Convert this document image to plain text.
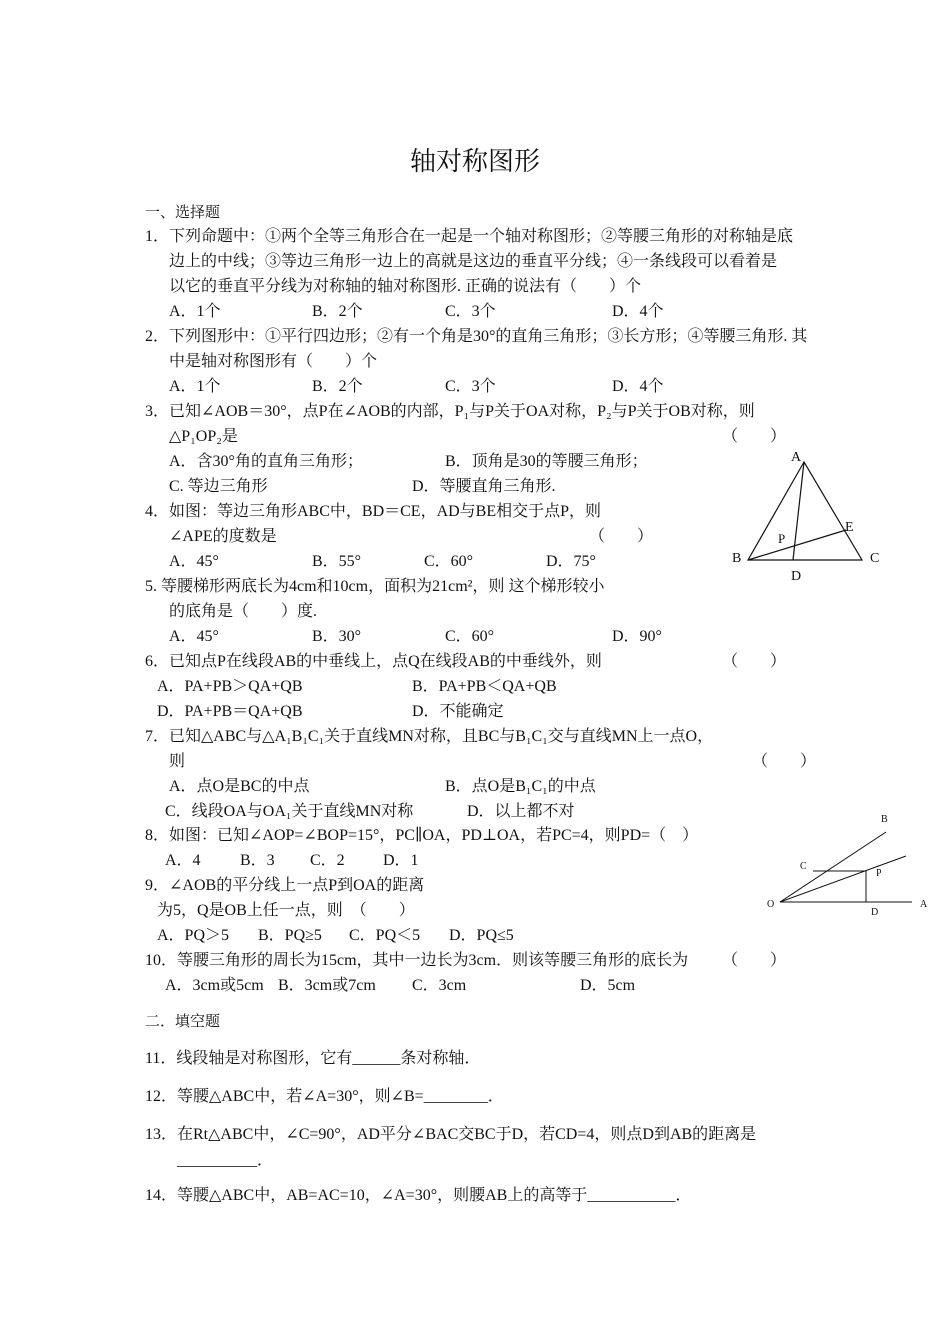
轴对称图形
一、选择题
1．下列命题中：①两个全等三角形合在一起是一个轴对称图形；②等腰三角形的对称轴是底
边上的中线；③等边三角形一边上的高就是这边的垂直平分线；④一条线段可以看着是
以它的垂直平分线为对称轴的轴对称图形. 正确的说法有（　　）个
A．1个	B．2个	C．3个	D．4个
2．下列图形中：①平行四边形；②有一个角是30°的直角三角形；③长方形；④等腰三角形. 其
中是轴对称图形有（　　）个
A．1个	B．2个	C．3个	D．4个
3．已知∠AOB＝30°，点P在∠AOB的内部，P₁与P关于OA对称，P₂与P关于OB对称，则
△P₁OP₂是	（　　）
A．含30°角的直角三角形；	B．顶角是30的等腰三角形；
C. 等边三角形	D．等腰直角三角形.
4．如图：等边三角形ABC中，BD＝CE，AD与BE相交于点P，则
∠APE的度数是	（　　）
A．45°	B．55°	C．60°	D．75°
A
B	C
D
E
P
5. 等腰梯形两底长为4cm和10cm，面积为21cm²，则 这个梯形较小
的底角是（　　）度.
A．45°	B．30°	C．60°	D．90°
6．已知点P在线段AB的中垂线上，点Q在线段AB的中垂线外，则	（　　）
A．PA+PB＞QA+QB	B．PA+PB＜QA+QB
D．PA+PB＝QA+QB	D．不能确定
7．已知△ABC与△A₁B₁C₁关于直线MN对称，且BC与B₁C₁交与直线MN上一点O，
则	（　　）
A．点O是BC的中点	B．点O是B₁C₁的中点
C．线段OA与OA₁关于直线MN对称	D．以上都不对
8．如图：已知∠AOP=∠BOP=15°，PC∥OA，PD⊥OA，若PC=4，则PD=（　）
A．4 B．3 C．2 D．1
O	A
B
C
D
P
9．∠AOB的平分线上一点P到OA的距离
为5，Q是OB上任一点，则　（　　）
A．PQ＞5 B．PQ≥5 C．PQ＜5 D．PQ≤5
10．等腰三角形的周长为15cm，其中一边长为3cm．则该等腰三角形的底长为 （　　）
A．3cm或5cm B．3cm或7cm C．3cm	D．5cm
二．填空题
11．线段轴是对称图形，它有______条对称轴．
12．等腰△ABC中，若∠A=30°，则∠B=________．
13．在Rt△ABC中，∠C=90°，AD平分∠BAC交BC于D，若CD=4，则点D到AB的距离是
__________．
14．等腰△ABC中，AB=AC=10，∠A=30°，则腰AB上的高等于___________．
